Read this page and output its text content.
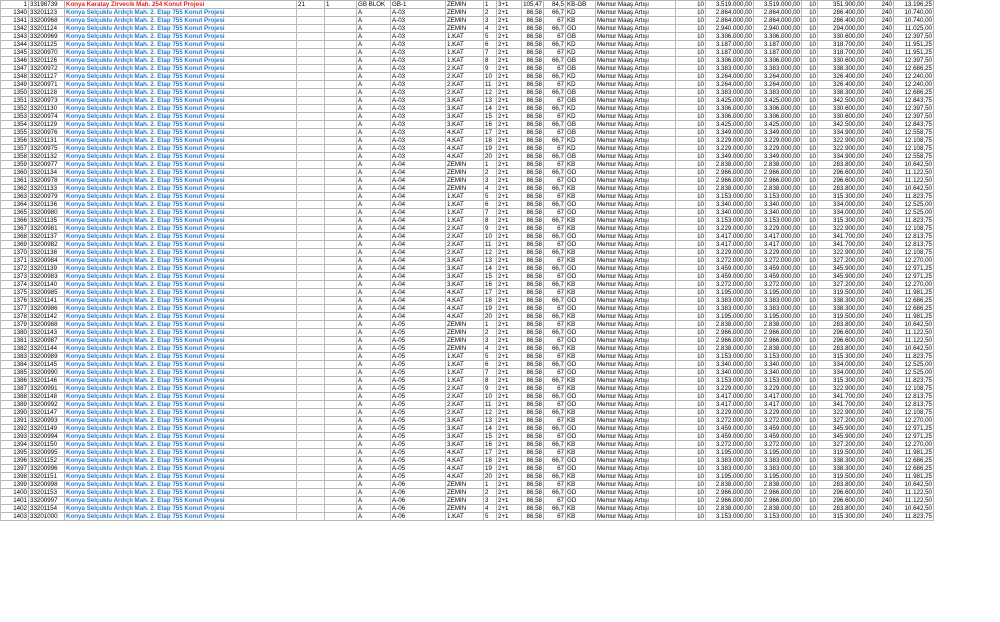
1	33198739	Konya Karatay Zirvecik Mah. 254 Konut Projesi	21	1	GB BLOK	GB-1	ZEMİN	1	3+1	105,47	84,5	KB-GB	Memur Maaş Artışı	10	3.519.000,00	3.519.000,00	10	351.900,00	240	13.196,25
1340	33201123	Konya Selçuklu Ardıçlı Mah. 2. Etap 755 Konut Projesi			A	A-03	ZEMİN	2	2+1	86,58	66,7	KD	Memur Maaş Artışı	10	2.864.000,00	2.864.000,00	10	286.400,00	240	10.740,00
1341	33200968	Konya Selçuklu Ardıçlı Mah. 2. Etap 755 Konut Projesi			A	A-03	ZEMİN	3	2+1	86,58	67	KB	Memur Maaş Artışı	10	2.864.000,00	2.864.000,00	10	286.400,00	240	10.740,00
1342	33201124	Konya Selçuklu Ardıçlı Mah. 2. Etap 755 Konut Projesi			A	A-03	ZEMİN	4	2+1	86,58	66,7	GD	Memur Maaş Artışı	10	2.940.000,00	2.940.000,00	10	294.000,00	240	11.025,00
1343	33200969	Konya Selçuklu Ardıçlı Mah. 2. Etap 755 Konut Projesi			A	A-03	1.KAT	5	2+1	86,58	67	GB	Memur Maaş Artışı	10	3.306.000,00	3.306.000,00	10	330.600,00	240	12.397,50
1344	33201125	Konya Selçuklu Ardıçlı Mah. 2. Etap 755 Konut Projesi			A	A-03	1.KAT	6	2+1	86,58	66,7	KD	Memur Maaş Artışı	10	3.187.000,00	3.187.000,00	10	318.700,00	240	11.951,25
1345	33200970	Konya Selçuklu Ardıçlı Mah. 2. Etap 755 Konut Projesi			A	A-03	1.KAT	7	2+1	86,58	67	KD	Memur Maaş Artışı	10	3.187.000,00	3.187.000,00	10	318.700,00	240	11.951,25
1346	33201126	Konya Selçuklu Ardıçlı Mah. 2. Etap 755 Konut Projesi			A	A-03	1.KAT	8	2+1	86,58	66,7	GB	Memur Maaş Artışı	10	3.306.000,00	3.306.000,00	10	330.600,00	240	12.397,50
1347	33200972	Konya Selçuklu Ardıçlı Mah. 2. Etap 755 Konut Projesi			A	A-03	2.KAT	9	2+1	86,58	67	GB	Memur Maaş Artışı	10	3.383.000,00	3.383.000,00	10	338.300,00	240	12.686,25
1348	33201127	Konya Selçuklu Ardıçlı Mah. 2. Etap 755 Konut Projesi			A	A-03	2.KAT	10	2+1	86,58	66,7	KD	Memur Maaş Artışı	10	3.264.000,00	3.264.000,00	10	326.400,00	240	12.240,00
1349	33200971	Konya Selçuklu Ardıçlı Mah. 2. Etap 755 Konut Projesi			A	A-03	2.KAT	11	2+1	86,58	67	KD	Memur Maaş Artışı	10	3.264.000,00	3.264.000,00	10	326.400,00	240	12.240,00
1350	33201128	Konya Selçuklu Ardıçlı Mah. 2. Etap 755 Konut Projesi			A	A-03	2.KAT	12	2+1	86,58	66,7	GB	Memur Maaş Artışı	10	3.383.000,00	3.383.000,00	10	338.300,00	240	12.686,25
1351	33200973	Konya Selçuklu Ardıçlı Mah. 2. Etap 755 Konut Projesi			A	A-03	3.KAT	13	2+1	86,58	67	GB	Memur Maaş Artışı	10	3.425.000,00	3.425.000,00	10	342.500,00	240	12.843,75
1352	33201130	Konya Selçuklu Ardıçlı Mah. 2. Etap 755 Konut Projesi			A	A-03	3.KAT	14	2+1	86,58	66,7	KD	Memur Maaş Artışı	10	3.306.000,00	3.306.000,00	10	330.600,00	240	12.397,50
1353	33200974	Konya Selçuklu Ardıçlı Mah. 2. Etap 755 Konut Projesi			A	A-03	3.KAT	15	2+1	86,58	67	KD	Memur Maaş Artışı	10	3.306.000,00	3.306.000,00	10	330.600,00	240	12.397,50
1354	33201129	Konya Selçuklu Ardıçlı Mah. 2. Etap 755 Konut Projesi			A	A-03	3.KAT	16	2+1	86,58	66,7	GB	Memur Maaş Artışı	10	3.425.000,00	3.425.000,00	10	342.500,00	240	12.843,75
1355	33200976	Konya Selçuklu Ardıçlı Mah. 2. Etap 755 Konut Projesi			A	A-03	4.KAT	17	2+1	86,58	67	GB	Memur Maaş Artışı	10	3.349.000,00	3.349.000,00	10	334.900,00	240	12.558,75
1356	33201131	Konya Selçuklu Ardıçlı Mah. 2. Etap 755 Konut Projesi			A	A-03	4.KAT	18	2+1	86,58	66,7	KD	Memur Maaş Artışı	10	3.229.000,00	3.229.000,00	10	322.900,00	240	12.108,75
1357	33200975	Konya Selçuklu Ardıçlı Mah. 2. Etap 755 Konut Projesi			A	A-03	4.KAT	19	2+1	86,58	67	KD	Memur Maaş Artışı	10	3.229.000,00	3.229.000,00	10	322.900,00	240	12.108,75
1358	33201132	Konya Selçuklu Ardıçlı Mah. 2. Etap 755 Konut Projesi			A	A-03	4.KAT	20	2+1	86,58	66,7	GB	Memur Maaş Artışı	10	3.349.000,00	3.349.000,00	10	334.900,00	240	12.558,75
1359	33200977	Konya Selçuklu Ardıçlı Mah. 2. Etap 755 Konut Projesi			A	A-04	ZEMİN	1	2+1	86,58	67	KB	Memur Maaş Artışı	10	2.838.000,00	2.838.000,00	10	283.800,00	240	10.642,50
1360	33201134	Konya Selçuklu Ardıçlı Mah. 2. Etap 755 Konut Projesi			A	A-04	ZEMİN	2	2+1	86,58	66,7	GD	Memur Maaş Artışı	10	2.966.000,00	2.966.000,00	10	296.600,00	240	11.122,50
1361	33200978	Konya Selçuklu Ardıçlı Mah. 2. Etap 755 Konut Projesi			A	A-04	ZEMİN	3	2+1	86,58	67	GD	Memur Maaş Artışı	10	2.966.000,00	2.966.000,00	10	296.600,00	240	11.122,50
1362	33201133	Konya Selçuklu Ardıçlı Mah. 2. Etap 755 Konut Projesi			A	A-04	ZEMİN	4	2+1	86,58	66,7	KB	Memur Maaş Artışı	10	2.838.000,00	2.838.000,00	10	283.800,00	240	10.642,50
1363	33200979	Konya Selçuklu Ardıçlı Mah. 2. Etap 755 Konut Projesi			A	A-04	1.KAT	5	2+1	86,58	67	KB	Memur Maaş Artışı	10	3.153.000,00	3.153.000,00	10	315.300,00	240	11.823,75
1364	33201136	Konya Selçuklu Ardıçlı Mah. 2. Etap 755 Konut Projesi			A	A-04	1.KAT	6	2+1	86,58	66,7	GD	Memur Maaş Artışı	10	3.340.000,00	3.340.000,00	10	334.000,00	240	12.525,00
1365	33200980	Konya Selçuklu Ardıçlı Mah. 2. Etap 755 Konut Projesi			A	A-04	1.KAT	7	2+1	86,58	67	GD	Memur Maaş Artışı	10	3.340.000,00	3.340.000,00	10	334.000,00	240	12.525,00
1366	33201135	Konya Selçuklu Ardıçlı Mah. 2. Etap 755 Konut Projesi			A	A-04	1.KAT	8	2+1	86,58	66,7	KB	Memur Maaş Artışı	10	3.153.000,00	3.153.000,00	10	315.300,00	240	11.823,75
1367	33200981	Konya Selçuklu Ardıçlı Mah. 2. Etap 755 Konut Projesi			A	A-04	2.KAT	9	2+1	86,58	67	KB	Memur Maaş Artışı	10	3.229.000,00	3.229.000,00	10	322.900,00	240	12.108,75
1368	33201137	Konya Selçuklu Ardıçlı Mah. 2. Etap 755 Konut Projesi			A	A-04	2.KAT	10	2+1	86,58	66,7	GD	Memur Maaş Artışı	10	3.417.000,00	3.417.000,00	10	341.700,00	240	12.813,75
1369	33200982	Konya Selçuklu Ardıçlı Mah. 2. Etap 755 Konut Projesi			A	A-04	2.KAT	11	2+1	86,58	67	GD	Memur Maaş Artışı	10	3.417.000,00	3.417.000,00	10	341.700,00	240	12.813,75
1370	33201138	Konya Selçuklu Ardıçlı Mah. 2. Etap 755 Konut Projesi			A	A-04	2.KAT	12	2+1	86,58	66,7	KB	Memur Maaş Artışı	10	3.229.000,00	3.229.000,00	10	322.900,00	240	12.108,75
1371	33200984	Konya Selçuklu Ardıçlı Mah. 2. Etap 755 Konut Projesi			A	A-04	3.KAT	13	2+1	86,58	67	KB	Memur Maaş Artışı	10	3.272.000,00	3.272.000,00	10	327.200,00	240	12.270,00
1372	33201139	Konya Selçuklu Ardıçlı Mah. 2. Etap 755 Konut Projesi			A	A-04	3.KAT	14	2+1	86,58	66,7	GD	Memur Maaş Artışı	10	3.459.000,00	3.459.000,00	10	345.900,00	240	12.971,25
1373	33200983	Konya Selçuklu Ardıçlı Mah. 2. Etap 755 Konut Projesi			A	A-04	3.KAT	15	2+1	86,58	67	GD	Memur Maaş Artışı	10	3.459.000,00	3.459.000,00	10	345.900,00	240	12.971,25
1374	33201140	Konya Selçuklu Ardıçlı Mah. 2. Etap 755 Konut Projesi			A	A-04	3.KAT	16	2+1	86,58	66,7	KB	Memur Maaş Artışı	10	3.272.000,00	3.272.000,00	10	327.200,00	240	12.270,00
1375	33200985	Konya Selçuklu Ardıçlı Mah. 2. Etap 755 Konut Projesi			A	A-04	4.KAT	17	2+1	86,58	67	KB	Memur Maaş Artışı	10	3.195.000,00	3.195.000,00	10	319.500,00	240	11.981,25
1376	33201141	Konya Selçuklu Ardıçlı Mah. 2. Etap 755 Konut Projesi			A	A-04	4.KAT	18	2+1	86,58	66,7	GD	Memur Maaş Artışı	10	3.383.000,00	3.383.000,00	10	338.300,00	240	12.686,25
1377	33200986	Konya Selçuklu Ardıçlı Mah. 2. Etap 755 Konut Projesi			A	A-04	4.KAT	19	2+1	86,58	67	GD	Memur Maaş Artışı	10	3.383.000,00	3.383.000,00	10	338.300,00	240	12.686,25
1378	33201142	Konya Selçuklu Ardıçlı Mah. 2. Etap 755 Konut Projesi			A	A-04	4.KAT	20	2+1	86,58	66,7	KB	Memur Maaş Artışı	10	3.195.000,00	3.195.000,00	10	319.500,00	240	11.981,25
1379	33200988	Konya Selçuklu Ardıçlı Mah. 2. Etap 755 Konut Projesi			A	A-05	ZEMİN	1	2+1	86,58	67	KB	Memur Maaş Artışı	10	2.838.000,00	2.838.000,00	10	283.800,00	240	10.642,50
1380	33201143	Konya Selçuklu Ardıçlı Mah. 2. Etap 755 Konut Projesi			A	A-05	ZEMİN	2	2+1	86,58	66,7	GD	Memur Maaş Artışı	10	2.966.000,00	2.966.000,00	10	296.600,00	240	11.122,50
1381	33200987	Konya Selçuklu Ardıçlı Mah. 2. Etap 755 Konut Projesi			A	A-05	ZEMİN	3	2+1	86,58	67	GD	Memur Maaş Artışı	10	2.966.000,00	2.966.000,00	10	296.600,00	240	11.122,50
1382	33201144	Konya Selçuklu Ardıçlı Mah. 2. Etap 755 Konut Projesi			A	A-05	ZEMİN	4	2+1	86,58	66,7	KB	Memur Maaş Artışı	10	2.838.000,00	2.838.000,00	10	283.800,00	240	10.642,50
1383	33200989	Konya Selçuklu Ardıçlı Mah. 2. Etap 755 Konut Projesi			A	A-05	1.KAT	5	2+1	86,58	67	KB	Memur Maaş Artışı	10	3.153.000,00	3.153.000,00	10	315.300,00	240	11.823,75
1384	33201145	Konya Selçuklu Ardıçlı Mah. 2. Etap 755 Konut Projesi			A	A-05	1.KAT	6	2+1	86,58	66,7	GD	Memur Maaş Artışı	10	3.340.000,00	3.340.000,00	10	334.000,00	240	12.525,00
1385	33200990	Konya Selçuklu Ardıçlı Mah. 2. Etap 755 Konut Projesi			A	A-05	1.KAT	7	2+1	86,58	67	GD	Memur Maaş Artışı	10	3.340.000,00	3.340.000,00	10	334.000,00	240	12.525,00
1386	33201146	Konya Selçuklu Ardıçlı Mah. 2. Etap 755 Konut Projesi			A	A-05	1.KAT	8	2+1	86,58	66,7	KB	Memur Maaş Artışı	10	3.153.000,00	3.153.000,00	10	315.300,00	240	11.823,75
1387	33200991	Konya Selçuklu Ardıçlı Mah. 2. Etap 755 Konut Projesi			A	A-05	2.KAT	9	2+1	86,58	67	KB	Memur Maaş Artışı	10	3.229.000,00	3.229.000,00	10	322.900,00	240	12.108,75
1388	33201148	Konya Selçuklu Ardıçlı Mah. 2. Etap 755 Konut Projesi			A	A-05	2.KAT	10	2+1	86,58	66,7	GD	Memur Maaş Artışı	10	3.417.000,00	3.417.000,00	10	341.700,00	240	12.813,75
1389	33200992	Konya Selçuklu Ardıçlı Mah. 2. Etap 755 Konut Projesi			A	A-05	2.KAT	11	2+1	86,58	67	GD	Memur Maaş Artışı	10	3.417.000,00	3.417.000,00	10	341.700,00	240	12.813,75
1390	33201147	Konya Selçuklu Ardıçlı Mah. 2. Etap 755 Konut Projesi			A	A-05	2.KAT	12	2+1	86,58	66,7	KB	Memur Maaş Artışı	10	3.229.000,00	3.229.000,00	10	322.900,00	240	12.108,75
1391	33200993	Konya Selçuklu Ardıçlı Mah. 2. Etap 755 Konut Projesi			A	A-05	3.KAT	13	2+1	86,58	67	KB	Memur Maaş Artışı	10	3.272.000,00	3.272.000,00	10	327.200,00	240	12.270,00
1392	33201149	Konya Selçuklu Ardıçlı Mah. 2. Etap 755 Konut Projesi			A	A-05	3.KAT	14	2+1	86,58	66,7	GD	Memur Maaş Artışı	10	3.459.000,00	3.459.000,00	10	345.900,00	240	12.971,25
1393	33200994	Konya Selçuklu Ardıçlı Mah. 2. Etap 755 Konut Projesi			A	A-05	3.KAT	15	2+1	86,58	67	GD	Memur Maaş Artışı	10	3.459.000,00	3.459.000,00	10	345.900,00	240	12.971,25
1394	33201150	Konya Selçuklu Ardıçlı Mah. 2. Etap 755 Konut Projesi			A	A-05	3.KAT	16	2+1	86,58	66,7	KB	Memur Maaş Artışı	10	3.272.000,00	3.272.000,00	10	327.200,00	240	12.270,00
1395	33200995	Konya Selçuklu Ardıçlı Mah. 2. Etap 755 Konut Projesi			A	A-05	4.KAT	17	2+1	86,58	67	KB	Memur Maaş Artışı	10	3.195.000,00	3.195.000,00	10	319.500,00	240	11.981,25
1396	33201152	Konya Selçuklu Ardıçlı Mah. 2. Etap 755 Konut Projesi			A	A-05	4.KAT	18	2+1	86,58	66,7	GD	Memur Maaş Artışı	10	3.383.000,00	3.383.000,00	10	338.300,00	240	12.686,25
1397	33200996	Konya Selçuklu Ardıçlı Mah. 2. Etap 755 Konut Projesi			A	A-05	4.KAT	19	2+1	86,58	67	GD	Memur Maaş Artışı	10	3.383.000,00	3.383.000,00	10	338.300,00	240	12.686,25
1398	33201151	Konya Selçuklu Ardıçlı Mah. 2. Etap 755 Konut Projesi			A	A-05	4.KAT	20	2+1	86,58	66,7	KB	Memur Maaş Artışı	10	3.195.000,00	3.195.000,00	10	319.500,00	240	11.981,25
1399	33200998	Konya Selçuklu Ardıçlı Mah. 2. Etap 755 Konut Projesi			A	A-06	ZEMİN	1	2+1	86,58	67	KB	Memur Maaş Artışı	10	2.838.000,00	2.838.000,00	10	283.800,00	240	10.642,50
1400	33201153	Konya Selçuklu Ardıçlı Mah. 2. Etap 755 Konut Projesi			A	A-06	ZEMİN	2	2+1	86,58	66,7	GD	Memur Maaş Artışı	10	2.966.000,00	2.966.000,00	10	296.600,00	240	11.122,50
1401	33200997	Konya Selçuklu Ardıçlı Mah. 2. Etap 755 Konut Projesi			A	A-06	ZEMİN	3	2+1	86,58	67	GD	Memur Maaş Artışı	10	2.966.000,00	2.966.000,00	10	296.600,00	240	11.122,50
1402	33201154	Konya Selçuklu Ardıçlı Mah. 2. Etap 755 Konut Projesi			A	A-06	ZEMİN	4	2+1	86,58	66,7	KB	Memur Maaş Artışı	10	2.838.000,00	2.838.000,00	10	283.800,00	240	10.642,50
1403	33201000	Konya Selçuklu Ardıçlı Mah. 2. Etap 755 Konut Projesi			A	A-06	1.KAT	5	2+1	86,58	67	KB	Memur Maaş Artışı	10	3.153.000,00	3.153.000,00	10	315.300,00	240	11.823,75
